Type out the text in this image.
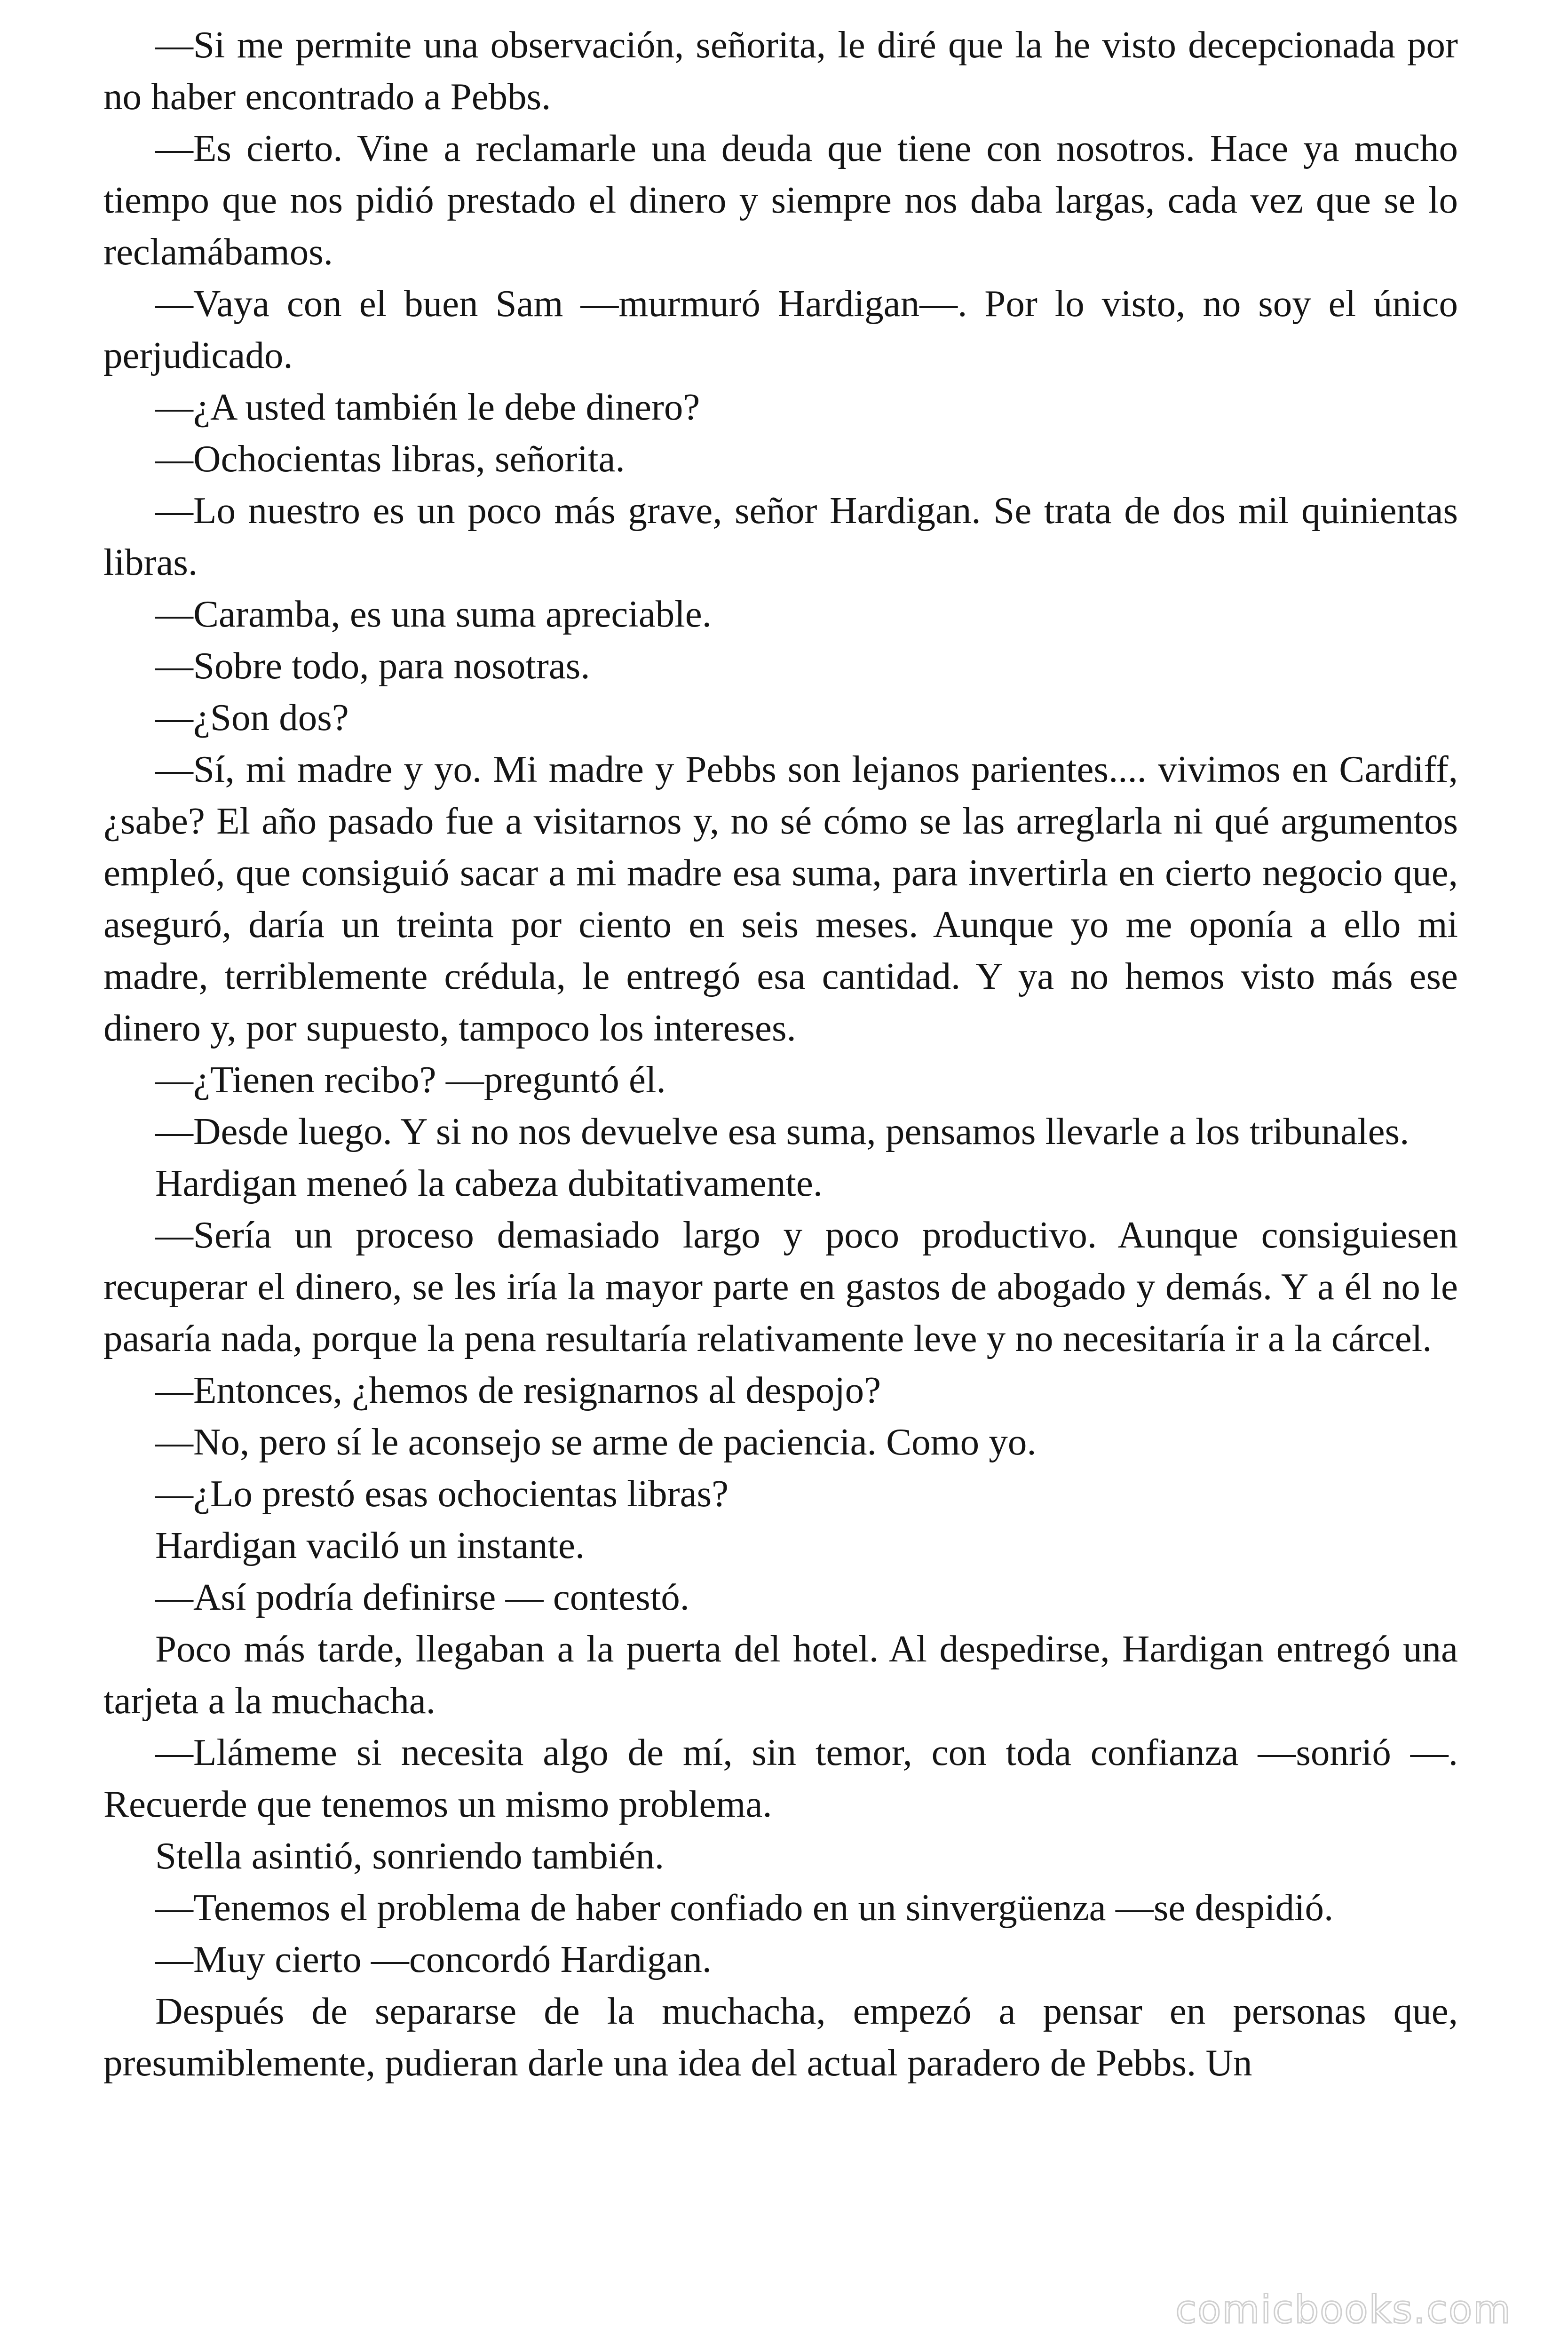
—Si me permite una observación, señorita, le diré que la he visto decepcionada por no haber encontrado a Pebbs.

—Es cierto. Vine a reclamarle una deuda que tiene con nosotros. Hace ya mucho tiempo que nos pidió prestado el dinero y siempre nos daba largas, cada vez que se lo reclamábamos.

—Vaya con el buen Sam —murmuró Hardigan—. Por lo visto, no soy el único perjudicado.

—¿A usted también le debe dinero?

—Ochocientas libras, señorita.

—Lo nuestro es un poco más grave, señor Hardigan. Se trata de dos mil quinientas libras.

—Caramba, es una suma apreciable.

—Sobre todo, para nosotras.

—¿Son dos?

—Sí, mi madre y yo. Mi madre y Pebbs son lejanos parientes.... vivimos en Cardiff, ¿sabe? El año pasado fue a visitarnos y, no sé cómo se las arreglarla ni qué argumentos empleó, que consiguió sacar a mi madre esa suma, para invertirla en cierto negocio que, aseguró, daría un treinta por ciento en seis meses. Aunque yo me oponía a ello mi madre, terriblemente crédula, le entregó esa cantidad. Y ya no hemos visto más ese dinero y, por supuesto, tampoco los intereses.

—¿Tienen recibo? —preguntó él.

—Desde luego. Y si no nos devuelve esa suma, pensamos llevarle a los tribunales.

Hardigan meneó la cabeza dubitativamente.

—Sería un proceso demasiado largo y poco productivo. Aunque consiguiesen recuperar el dinero, se les iría la mayor parte en gastos de abogado y demás. Y a él no le pasaría nada, porque la pena resultaría relativamente leve y no necesitaría ir a la cárcel.

—Entonces, ¿hemos de resignarnos al despojo?

—No, pero sí le aconsejo se arme de paciencia. Como yo.

—¿Lo prestó esas ochocientas libras?

Hardigan vaciló un instante.

—Así podría definirse — contestó.

Poco más tarde, llegaban a la puerta del hotel. Al despedirse, Hardigan entregó una tarjeta a la muchacha.

—Llámeme si necesita algo de mí, sin temor, con toda confianza —sonrió —. Recuerde que tenemos un mismo problema.

Stella asintió, sonriendo también.

—Tenemos el problema de haber confiado en un sinvergüenza —se despidió.

—Muy cierto —concordó Hardigan.

Después de separarse de la muchacha, empezó a pensar en personas que, presumiblemente, pudieran darle una idea del actual paradero de Pebbs. Un

comicbooks.com
